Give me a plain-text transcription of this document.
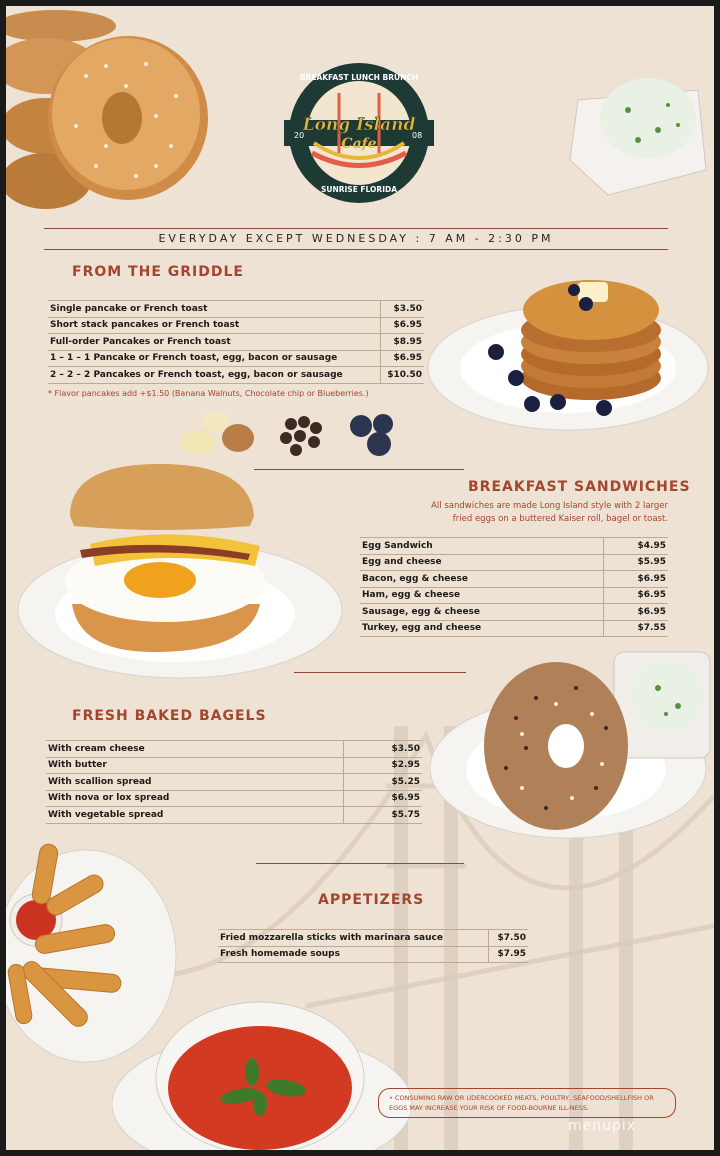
20	08
Long Island
Cafe
BREAKFAST LUNCH BRUNCH
SUNRISE FLORIDA
EVERYDAY EXCEPT WEDNESDAY : 7 AM - 2:30 PM
FROM THE GRIDDLE
Single pancake or French toast	$3.50
Short stack pancakes or French toast	$6.95
Full-order Pancakes or French toast	$8.95
1 – 1 – 1 Pancake or French toast, egg, bacon or sausage	$6.95
2 – 2 – 2 Pancakes or French toast, egg, bacon or sausage	$10.50
* Flavor pancakes add +$1.50 (Banana Walnuts, Chocolate chip or Blueberries.)
BREAKFAST SANDWICHES
All sandwiches are made Long Island style with 2 larger
fried eggs on a buttered Kaiser roll, bagel or toast.
Egg Sandwich	$4.95
Egg and cheese	$5.95
Bacon, egg & cheese	$6.95
Ham, egg & cheese	$6.95
Sausage, egg & cheese	$6.95
Turkey, egg and cheese	$7.55
FRESH BAKED BAGELS
With cream cheese	$3.50
With butter	$2.95
With scallion spread	$5.25
With nova or lox spread	$6.95
With vegetable spread	$5.75
APPETIZERS
Fried mozzarella sticks with marinara sauce	$7.50
Fresh homemade soups	$7.95
• CONSUMING RAW OR UDERCOOKED MEATS, POULTRY, SEAFOOD/SHELLFISH OR EGGS MAY INCREASE YOUR RISK OF FOOD-BOURNE ILL-NESS.
menupix
